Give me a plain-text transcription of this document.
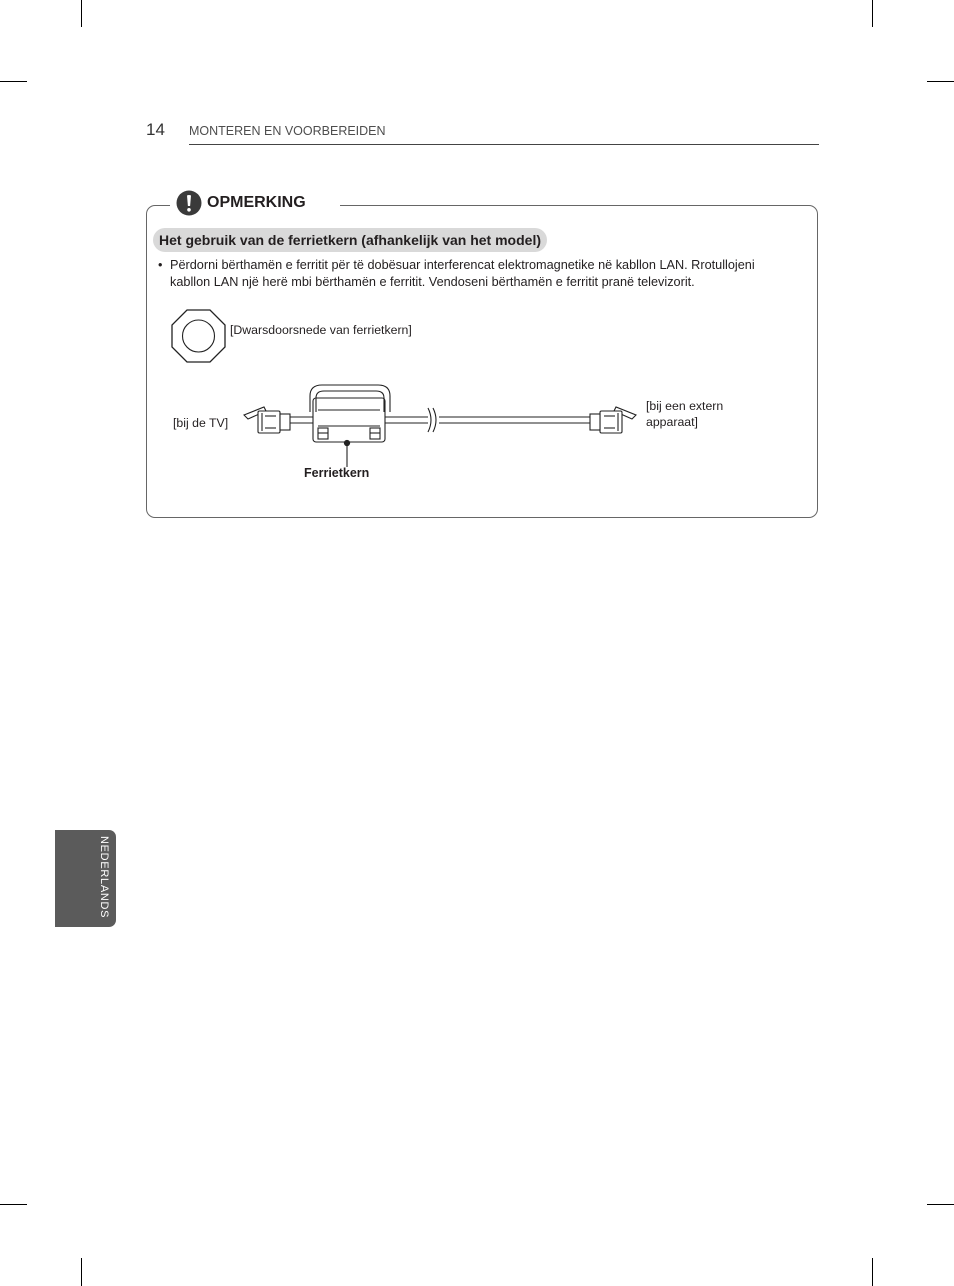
14 MONTEREN EN VOORBEREIDEN
OPMERKING
Het gebruik van de ferrietkern (afhankelijk van het model)
• Përdorni bërthamën e ferritit për të dobësuar interferencat elektromagnetike në kabllon LAN. Rrotullojeni
kabllon LAN një herë mbi bërthamën e ferritit. Vendoseni bërthamën e ferritit pranë televizorit.
[Dwarsdoorsnede van ferrietkern]
[bij de TV]
[bij een extern
apparaat]
Ferrietkern
NEDERLANDS
